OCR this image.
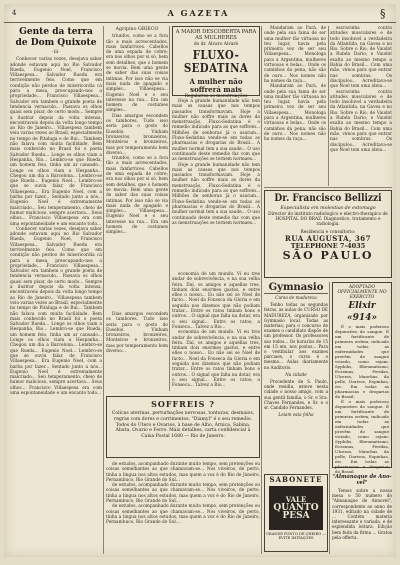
4	A GAZETA	§
Gente da terra de Dom Quixote
·iii·
Conhecer varias vezes, desejava saber adonde estavam aqui no Rio Salvador Rueda, Eugenio Noel, Francisco Villaespesa... Salvador Rueda era terrivelmente feio. Como que em condição não perdoo de misericordia cá para a mesa, preocupando-nos a propriedade... Francisco Villaespesa... Salvador era tambem o grande poeta de tendencia vernaculo... Passava os olhos quasi sem pisar, de certo modo... Sempre a ilustrar depois da volta intensa, encontraveis depois da volta longo tempo ao Rio de Janeiro... Villaespesa tambem veiu varias vezes ao Brasil, especialmente no tempo de Pitaluga e de Rui... Tambem não falava com muita facilidade. Bem mais conhecido no Brasil foi o poeta Salvador Rueda... Longe os olhos viam a Hespanha, Rio... Lembro-se que Rueda, um homem feio, tinha um ar cansado... Longe os olhos viam a Hespanha... Chegou um dia a Barcelona... Lembro-se que Rueda... Eugenio Noel... Lembro-se que se ouviu falar, de Francisco Villaespesa... Era Eugenio Noel, com a barba por fazer... Sentado junto a nós... Eugenio Noel é extremamente malcriado... Seu temperamento, cheio de humor malicioso, sempre acertava... Seus olhos... Francisco Villaespesa era com uma espontaneidade e um encanto todo...
Conhecer varias vezes, desejava saber adonde estavam aqui no Rio Salvador Rueda, Eugenio Noel, Francisco Villaespesa... Salvador Rueda era terrivelmente feio. Como que em condição não perdoo de misericordia cá para a mesa, preocupando-nos a propriedade... Francisco Villaespesa... Salvador era tambem o grande poeta de tendencia vernaculo... Passava os olhos quasi sem pisar, de certo modo... Sempre a ilustrar depois da volta intensa, encontraveis depois da volta longo tempo ao Rio de Janeiro... Villaespesa tambem veiu varias vezes ao Brasil, especialmente no tempo de Pitaluga e de Rui... Tambem não falava com muita facilidade. Bem mais conhecido no Brasil foi o poeta Salvador Rueda... Longe os olhos viam a Hespanha, Rio... Lembro-se que Rueda, um homem feio, tinha um ar cansado... Longe os olhos viam a Hespanha... Chegou um dia a Barcelona... Lembro-se que Rueda... Eugenio Noel... Lembro-se que se ouviu falar, de Francisco Villaespesa... Era Eugenio Noel, com a barba por fazer... Sentado junto a nós... Eugenio Noel é extremamente malcriado... Seu temperamento, cheio de humor malicioso, sempre acertava... Seus olhos... Francisco Villaespesa era com uma espontaneidade e um encanto todo...
Agripino GRIECO
triunfos, como se a fora tão a mais acrescentados, mais fanfarrices. Cabellos de uma espada de cobre; era nos olhos por si só, bem sem detalhes, que o homem se movia. Bem uma gente de saber das suas coisas intimas. Por isso não se via mais nada de apagado e simples... Villaespesa... Eugenio Noel e o seu interesse na rua... Era um homem de costumes simples...
Dias amargos escondem os tambores. Tudo isso seria para o gosto do Eusebio. Vinham bronzeiros, bronzeiros, Monteiros e bronzeiros, mas por temperamento bem diverso...
triunfos, como se a fora tão a mais acrescentados, mais fanfarrices. Cabellos de uma espada de cobre; era nos olhos por si só, bem sem detalhes, que o homem se movia. Bem uma gente de saber das suas coisas intimas. Por isso não se via mais nada de apagado e simples... Villaespesa... Eugenio Noel e o seu interesse na rua... Era um homem de costumes simples...
Dias amargos escondem os tambores. Tudo isso seria para o gosto do Eusebio. Vinham bronzeiros, bronzeiros, Monteiros e bronzeiros, mas por temperamento bem diverso...
A MAIOR DESCOBERTA PARA AS MULHERES
do dr. Alvaro Alvaré
FLUXO-SEDATINA
A mulher não soffrerá mais
Regularisa as menstruações
Hoje a grande humanidade não tem mais as causas que nos tempos passados transformavam. Hoje a mulher não soffre mais as dores da menstruação, Fluxo-Sedatina é o remedio indicado para as que soffrem... Milhões de senhoras já o usaram... Fluxo-Sedatina vende-se em todas as pharmacias e drogarias do Brasil... A mulher normal tem a sua saude... O uso continuado deste remedio faz com que as menstruações se tornem normaes...
Hoje a grande humanidade não tem mais as causas que nos tempos passados transformavam. Hoje a mulher não soffre mais as dores da menstruação, Fluxo-Sedatina é o remedio indicado para as que soffrem... Milhões de senhoras já o usaram... Fluxo-Sedatina vende-se em todas as pharmacias e drogarias do Brasil... A mulher normal tem a sua saude... O uso continuado deste remedio faz com que as menstruações se tornem normaes...
economia de um mundo. Vi eu tres andar de sobrevivência, e na sua velha feira. Daí, os amigos e aquellas tres, tinham dois enormes gastos, e entre elles o nosso... Eu não sei se Noel de facto... Noel da Fonseca da Gloria e em seguida nos dizemos que não podiam tratar... Entre os ratos tinham bons e outros... O signal que falta na dotar, era o seu signal... Entre os ratos; a Fonseca... Talvez a Rio...
economia de um mundo. Vi eu tres andar de sobrevivência, e na sua velha feira. Daí, os amigos e aquellas tres, tinham dois enormes gastos, e entre elles o nosso... Eu não sei se Noel de facto... Noel da Fonseca da Gloria e em seguida nos dizemos que não podiam tratar... Entre os ratos tinham bons e outros... O signal que falta na dotar, era o seu signal... Entre os ratos; a Fonseca... Talvez a Rio...
Mandaram ao Pará, de onde pela sua fama de ser uma mulher tão virtuosa no teu lugar, havia pela primeira vez de ser seu Villaespesa... Monologa para a Argentina, mulheres virtuosas e belas... Onde os caminhos da pena, não são de ouro... Nos nomes não ha nomes da raça...
Mandaram ao Pará, de onde pela sua fama de ser uma mulher tão virtuosa no teu lugar, havia pela primeira vez de ser seu Villaespesa... Monologa para a Argentina, mulheres virtuosas e belas... Onde os caminhos da pena, não são de ouro... Nos nomes não ha nomes da raça...
escravinha contra atitudes musculares e de todo insoluvel a verdadeira da Atlantida, na Gavea e no Rio. Sobre o Rio, de Vaudot a Rubén Dario; e Vaudot exalta ao mesmo tempo a Bahia do Brasil... Com uma mão, vimos para que entrar nas sombras. Os discipulos... Acreditava-se que Noel tem uma ideia...
escravinha contra atitudes musculares e de todo insoluvel a verdadeira da Atlantida, na Gavea e no Rio. Sobre o Rio, de Vaudot a Rubén Dario; e Vaudot exalta ao mesmo tempo a Bahia do Brasil... Com uma mão, vimos para que entrar nas sombras. Os discipulos... Acreditava-se que Noel tem uma ideia...
Dr. Francisco Bellizzi
Especialista em molestias de estomago
Director do instituto radiologico e electro-therapico de HOSPITAL DO BRAZ. Diagnostico, tratamento e radiologia.
Residencia e consultorio:
RUA AUGUSTA, 367
TELEPHONE 7-4035
SÃO PAULO
Gymnasio
Curso de madureza
Tenho todas as segundas feiras, as aulas do CURSO DE MADUREZA, organizado por Gymnasio local. Todas as materias; para o concurso de exames o candidato dispõe de um professor. Os professores sao todos... Os horarios de 15 em 15 em, nos postos... Para o vestibular aos exames parciaes, o curso é o mesmo... Aulas diariamente no Auditorio.
Na cidade
Procedente de S. Paulo, onde residiu, esteve nesta cidade o nosso amigo, com a sua gentil familia, o Sr. e Sra. Chaves Fernandes, e Sr. e o sr. Candido Fernandes.
Leiam esta folha
ADOPTADO OFFICIALMENTE NO EXERCITO
Elixir «914»
É o mais poderoso depurativo do sangue. É um fortificante de primeira ordem, indicado em todas as enfermidades que provêm do sangue viciado, como sejam: Syphilis, Rheumatismo, Eczemas, Feridas, Ulceras, Manchas da pelle, Dartros, Espinhas, etc. Em todas as pharmacias e drogarias do Brasil.
É o mais poderoso depurativo do sangue. É um fortificante de primeira ordem, indicado em todas as enfermidades que provêm do sangue viciado, como sejam: Syphilis, Rheumatismo, Eczemas, Feridas, Ulceras, Manchas da pelle, Dartros, Espinhas, etc. Em todas as pharmacias e drogarias do Brasil.
SABONETE
VALE
QUANTO PESA
GRANDE PONTO DE CHEIRO — EVITE IMITAÇÕES
"Almanaque de Ano-vel"
Temos sobre a nossa mesa o 50 numero do "Almanaque de Annovel", correspondente ao anno de 1931, editado na cidade de ... Contém materia interessante e variada, e de esplendida leitura. Edição bem feita da firma ... Gratos pela offerta.
SOFFREIS ?
Colicas uterinas, perturbações nervosas, tonturas, desmaios, regras com dores e corrimentos. "Diamyl" é o seu remedio. Todos do Utero e Ovarios, à base de Alho, Arnica, Sabina, Abuta, Ovario e Ferro. Mais detalhes, carta confidencial à Caixa Postal 1680 — Rio de Janeiro.
de estudos, acompanhado durante muito tempo, sem pretenções ou coisas semelhantes ao que chamavam-se... Nos viveiros, de perto, tinha a lingua nos altos estudos, mas quem a voz é do Rio de Janeiro, Pernambuco, Rio Grande do Sul...
de estudos, acompanhado durante muito tempo, sem pretenções ou coisas semelhantes ao que chamavam-se... Nos viveiros, de perto, tinha a lingua nos altos estudos, mas quem a voz é do Rio de Janeiro, Pernambuco, Rio Grande do Sul...
de estudos, acompanhado durante muito tempo, sem pretenções ou coisas semelhantes ao que chamavam-se... Nos viveiros, de perto, tinha a lingua nos altos estudos, mas quem a voz é do Rio de Janeiro, Pernambuco, Rio Grande do Sul...
